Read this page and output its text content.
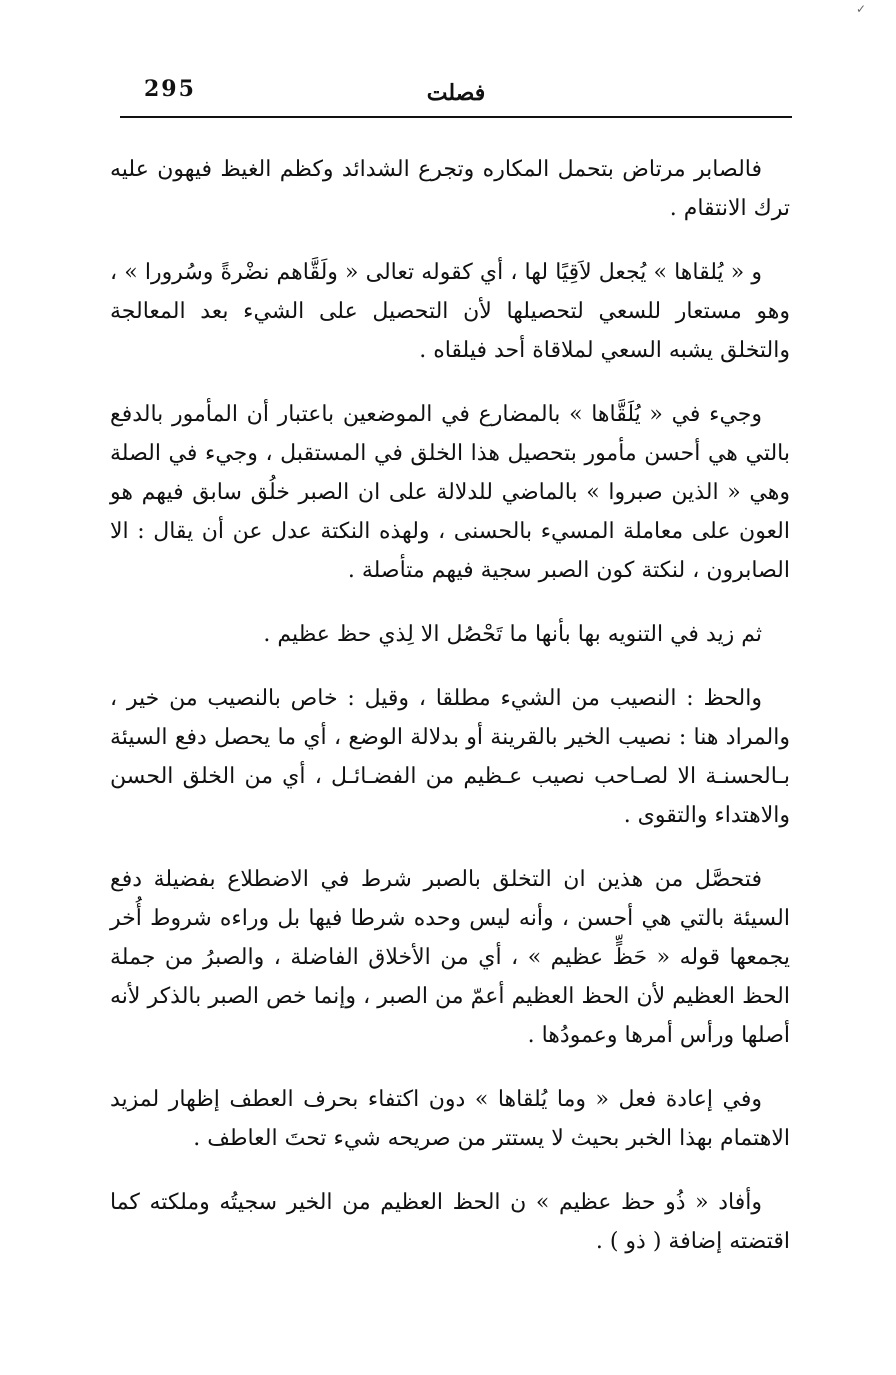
✓
295	فصلت

فالصابر مرتاض بتحمل المكاره وتجرع الشدائد وكظم الغيظ فيهون عليه ترك الانتقام .

و « يُلقاها » يُجعل لاَقِيًا لها ، أي كقوله تعالى « ولَقَّاهم نضْرةً وسُرورا » ، وهو مستعار للسعي لتحصيلها لأن التحصيل على الشيء بعد المعالجة والتخلق يشبه السعي لملاقاة أحد فيلقاه .

وجيء في « يُلَقَّاها » بالمضارع في الموضعين باعتبار أن المأمور بالدفع بالتي هي أحسن مأمور بتحصيل هذا الخلق في المستقبل ، وجيء في الصلة وهي « الذين صبروا » بالماضي للدلالة على ان الصبر خلُق سابق فيهم هو العون على معاملة المسيء بالحسنى ، ولهذه النكتة عدل عن أن يقال : الا الصابرون ، لنكتة كون الصبر سجية فيهم متأصلة .

ثم زيد في التنويه بها بأنها ما تَحْصُل الا لِذي حظ عظيم .

والحظ : النصيب من الشيء مطلقا ، وقيل : خاص بالنصيب من خير ، والمراد هنا : نصيب الخير بالقرينة أو بدلالة الوضع ، أي ما يحصل دفع السيئة بـالحسنـة الا لصـاحب نصيب عـظيم من الفضـائـل ، أي من الخلق الحسن والاهتداء والتقوى .

فتحصَّل من هذين ان التخلق بالصبر شرط في الاضطلاع بفضيلة دفع السيئة بالتي هي أحسن ، وأنه ليس وحده شرطا فيها بل وراءه شروط أُخر يجمعها قوله « حَظٍّ عظيم » ، أي من الأخلاق الفاضلة ، والصبرُ من جملة الحظ العظيم لأن الحظ العظيم أعمّ من الصبر ، وإنما خص الصبر بالذكر لأنه أصلها ورأس أمرها وعمودُها .

وفي إعادة فعل « وما يُلقاها » دون اكتفاء بحرف العطف إظهار لمزيد الاهتمام بهذا الخبر بحيث لا يستتر من صريحه شيء تحتَ العاطف .

وأفاد « ذُو حظ عظيم » ن الحظ العظيم من الخير سجيتُه وملكته كما اقتضته إضافة ( ذو ) .
